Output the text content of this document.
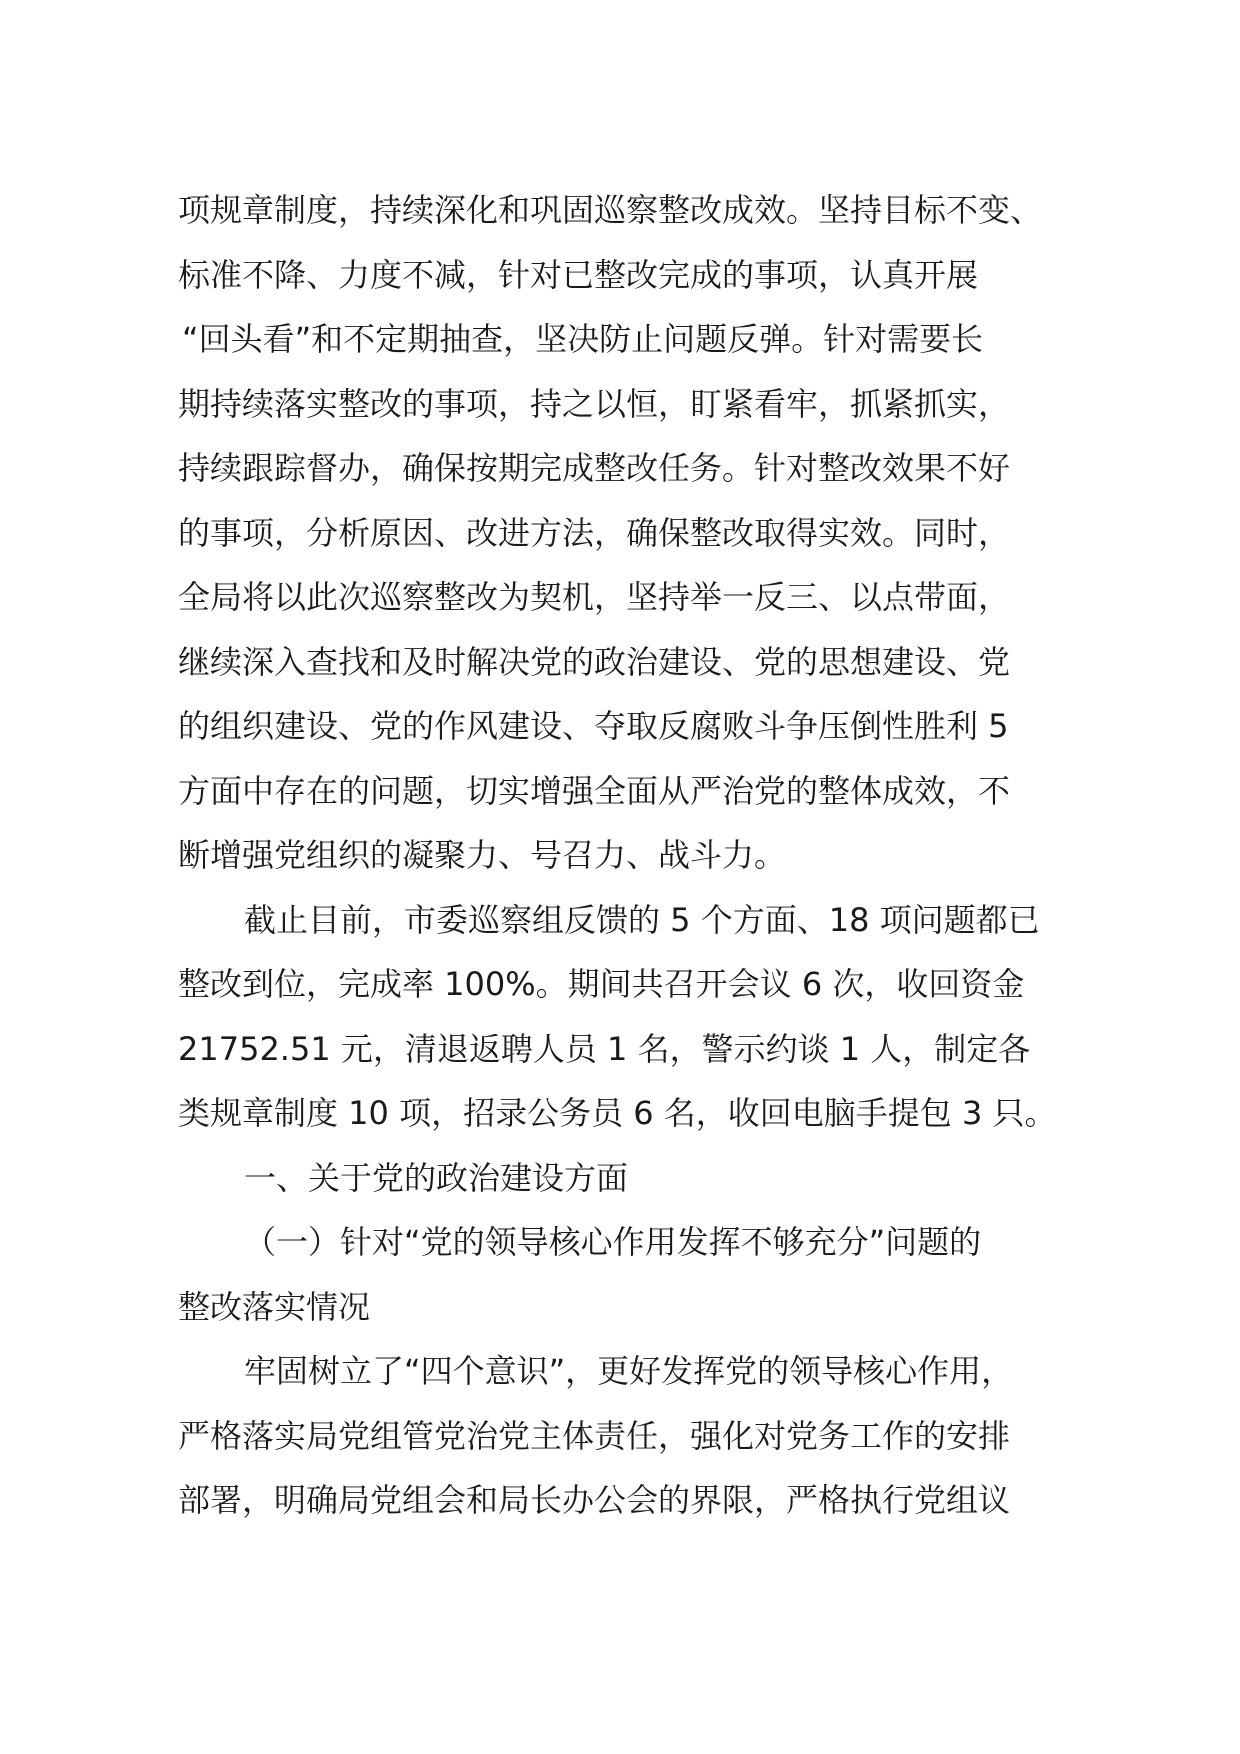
项规章制度，持续深化和巩固巡察整改成效。坚持目标不变、
标准不降、力度不减，针对已整改完成的事项，认真开展
“回头看”和不定期抽查，坚决防止问题反弹。针对需要长
期持续落实整改的事项，持之以恒，盯紧看牢，抓紧抓实，
持续跟踪督办，确保按期完成整改任务。针对整改效果不好
的事项，分析原因、改进方法，确保整改取得实效。同时，
全局将以此次巡察整改为契机，坚持举一反三、以点带面，
继续深入查找和及时解决党的政治建设、党的思想建设、党
的组织建设、党的作风建设、夺取反腐败斗争压倒性胜利 5
方面中存在的问题，切实增强全面从严治党的整体成效，不
断增强党组织的凝聚力、号召力、战斗力。
截止目前，市委巡察组反馈的 5 个方面、18 项问题都已
整改到位，完成率 100%。期间共召开会议 6 次，收回资金
21752.51 元，清退返聘人员 1 名，警示约谈 1 人，制定各
类规章制度 10 项，招录公务员 6 名，收回电脑手提包 3 只。
一、关于党的政治建设方面
（一）针对“党的领导核心作用发挥不够充分”问题的
整改落实情况
牢固树立了“四个意识”，更好发挥党的领导核心作用，
严格落实局党组管党治党主体责任，强化对党务工作的安排
部署，明确局党组会和局长办公会的界限，严格执行党组议
